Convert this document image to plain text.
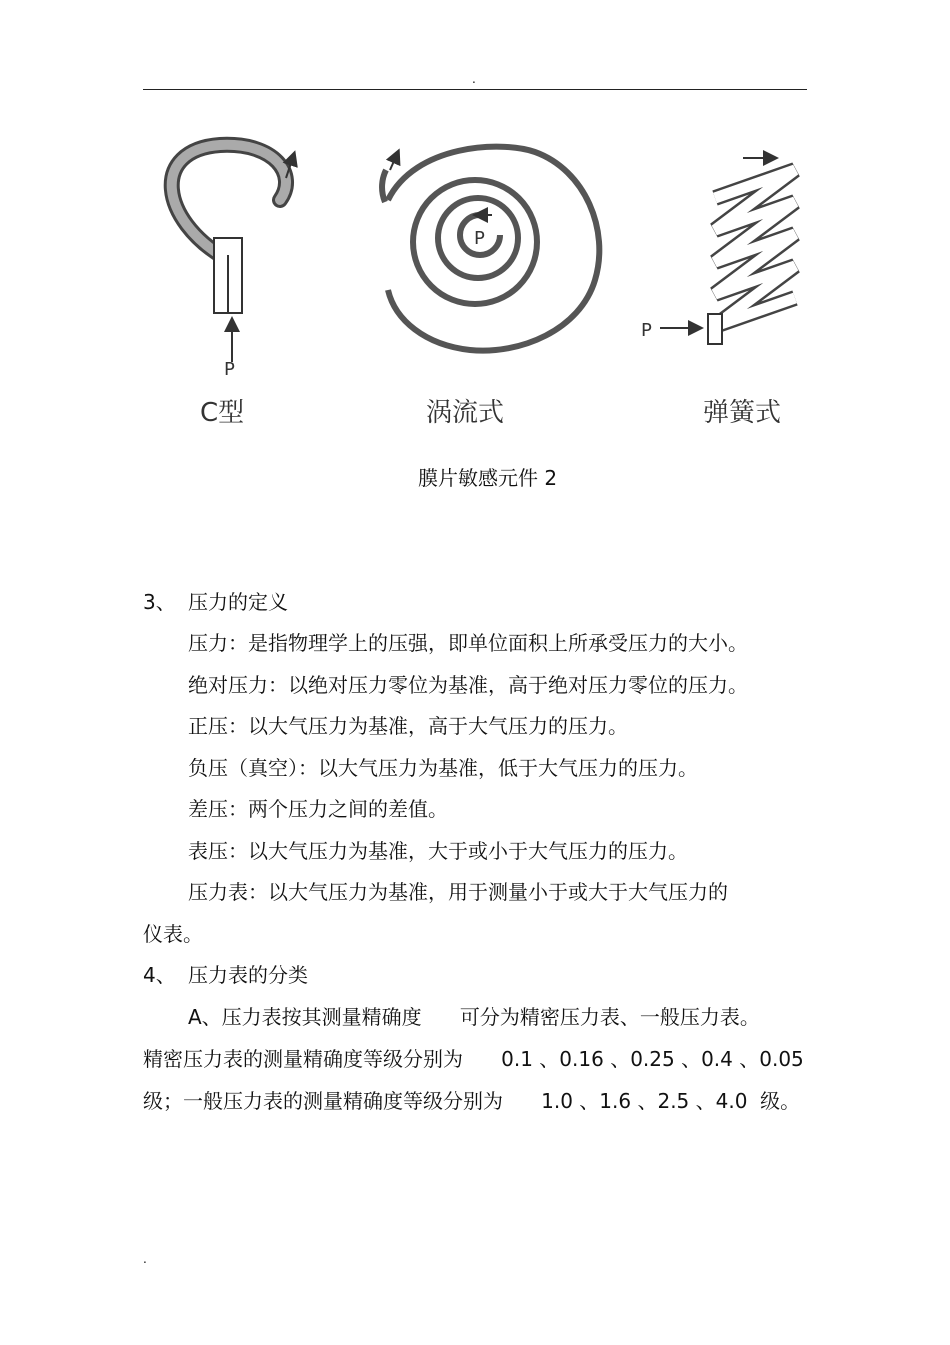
.
P
P
P
C型	涡流式	弹簧式
膜片敏感元件 2
3、 压力的定义
压力：是指物理学上的压强，即单位面积上所承受压力的大小。
绝对压力：以绝对压力零位为基准，高于绝对压力零位的压力。
正压：以大气压力为基准，高于大气压力的压力。
负压（真空）：以大气压力为基准，低于大气压力的压力。
差压：两个压力之间的差值。
表压：以大气压力为基准，大于或小于大气压力的压力。
压力表：以大气压力为基准，用于测量小于或大于大气压力的
仪表。
4、 压力表的分类
A、压力表按其测量精确度      可分为精密压力表、一般压力表。
精密压力表的测量精确度等级分别为      0.1 、0.16 、0.25 、0.4 、0.05
级；一般压力表的测量精确度等级分别为      1.0 、1.6 、2.5 、4.0  级。
.
